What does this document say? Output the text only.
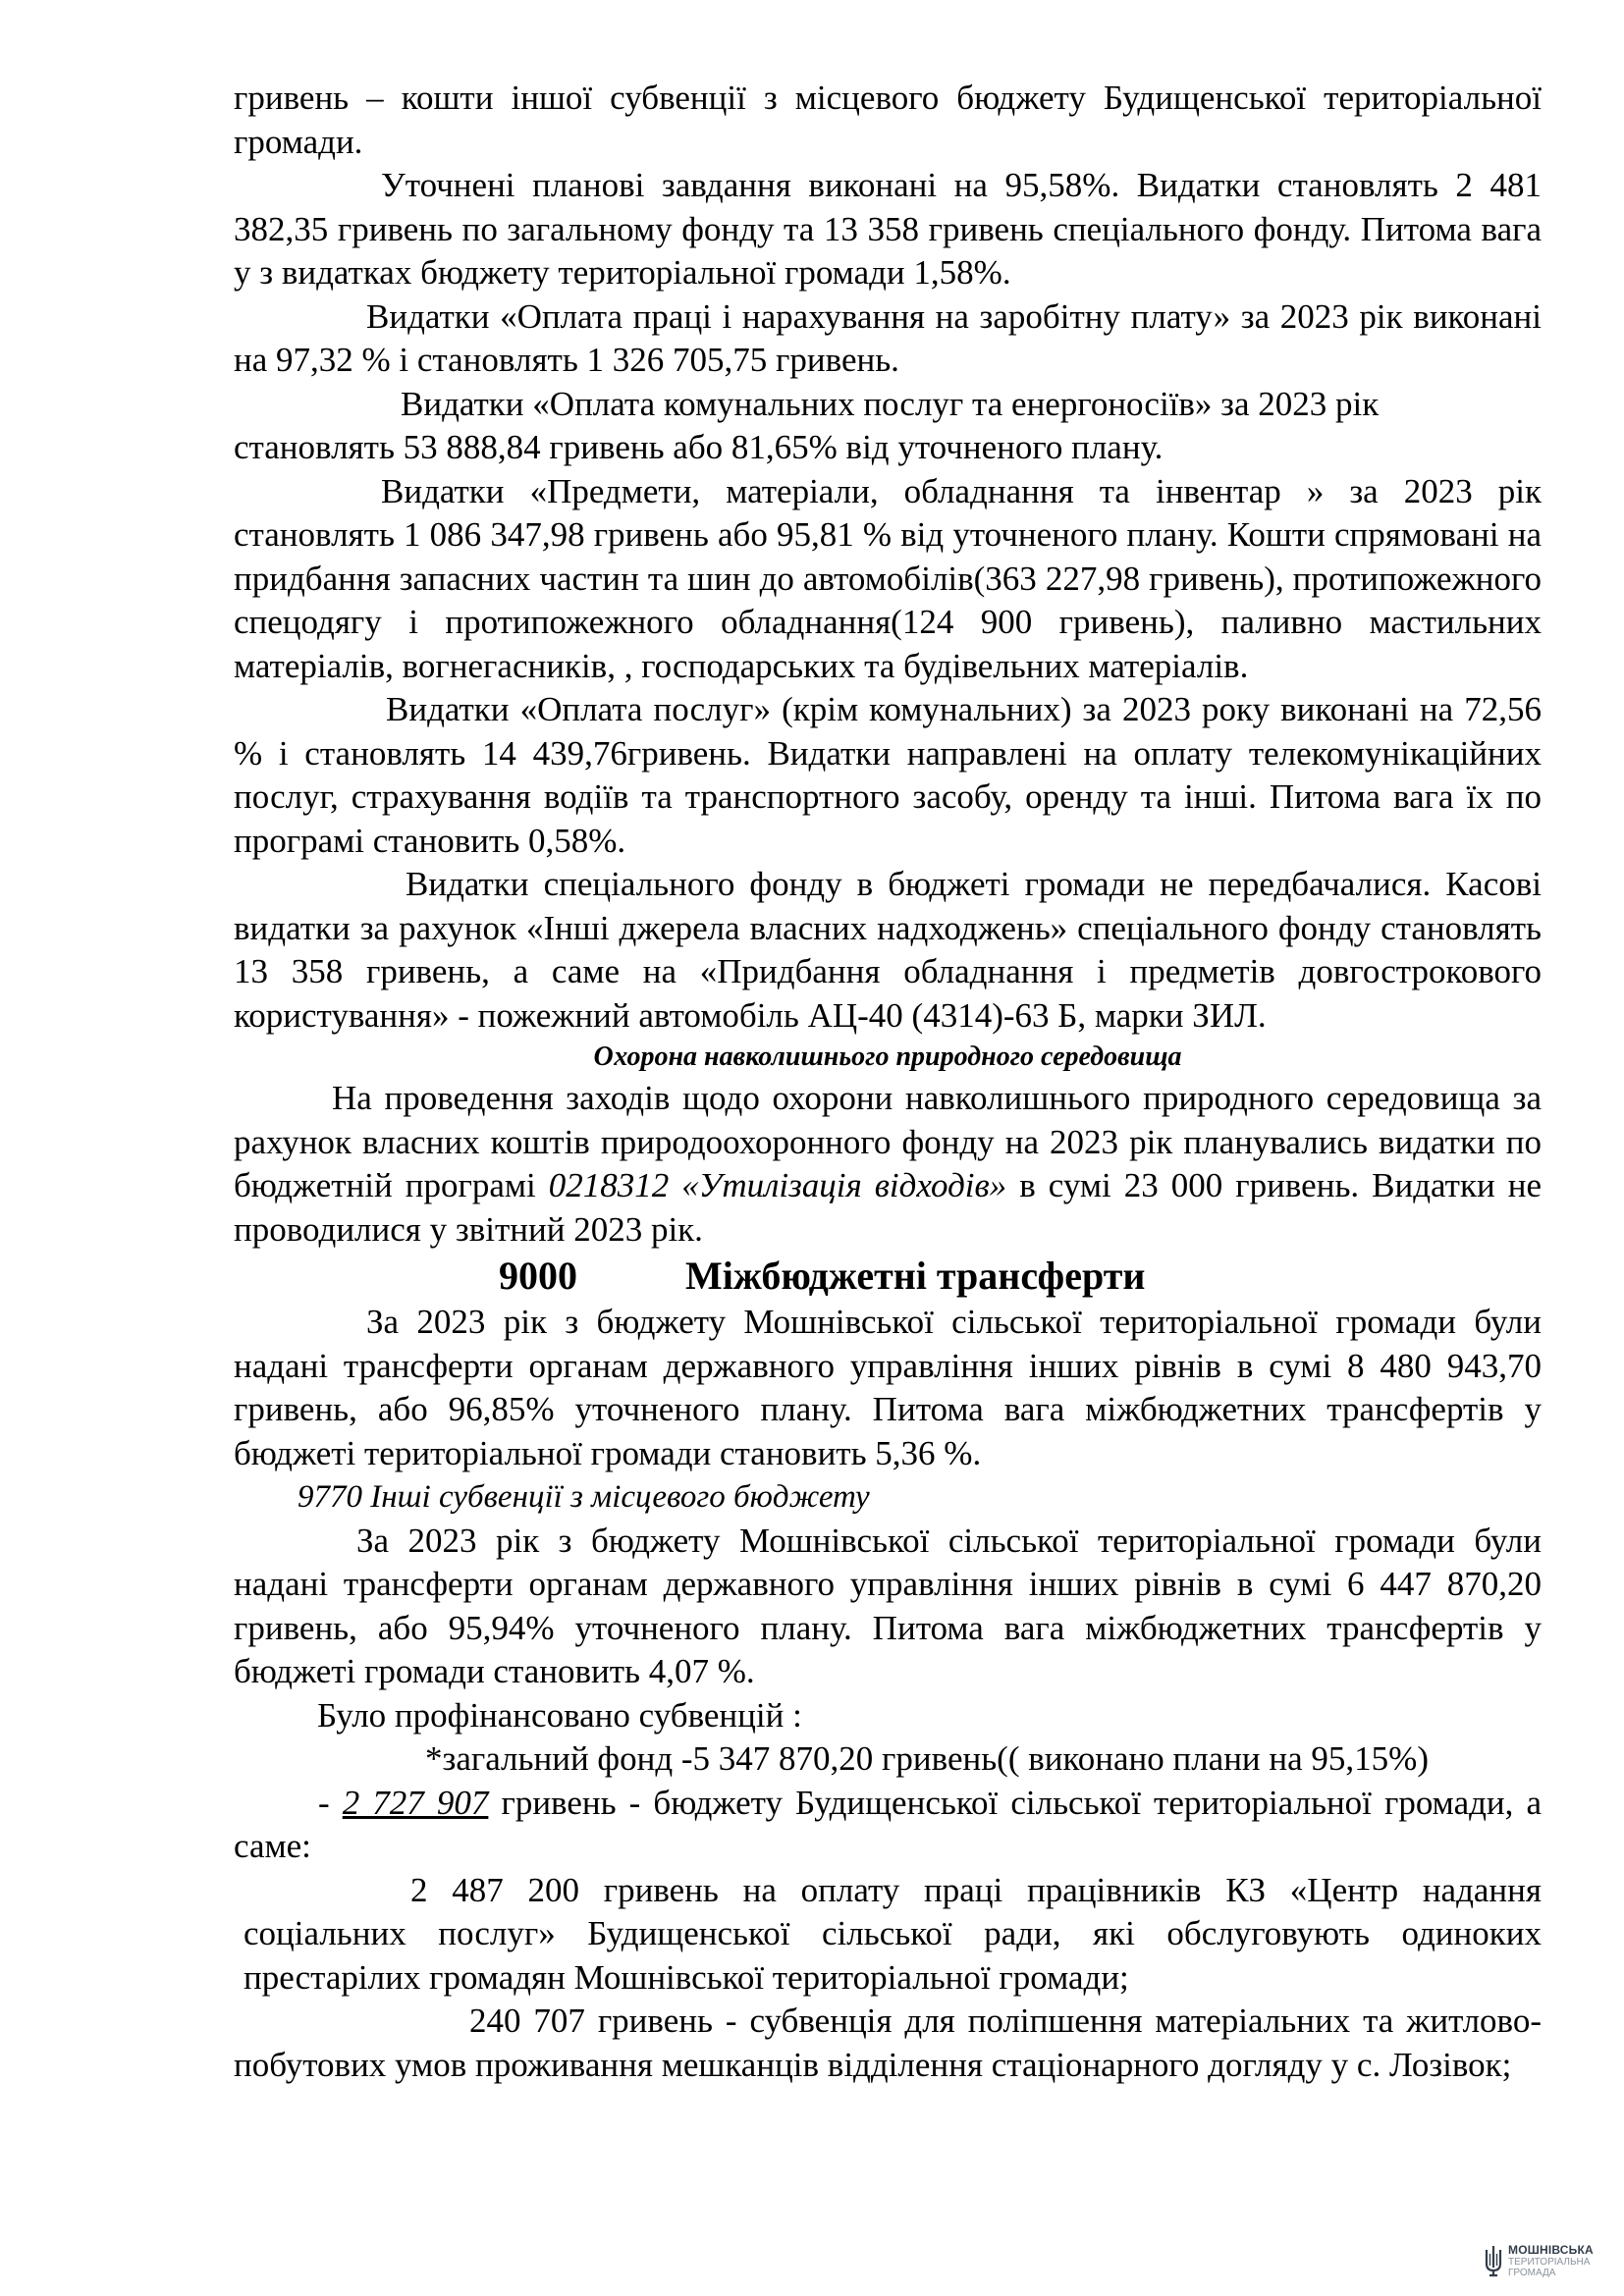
гривень – кошти іншої субвенції з місцевого бюджету Будищенської територіальної громади.

Уточнені планові завдання виконані на 95,58%. Видатки становлять 2 481 382,35 гривень по загальному фонду та 13 358 гривень спеціального фонду. Питома вага у з видатках бюджету територіальної громади 1,58%.

Видатки «Оплата праці і нарахування на заробітну плату» за 2023 рік виконані на 97,32 % і становлять 1 326 705,75 гривень.

Видатки «Оплата комунальних послуг та енергоносіїв» за 2023 рік

становлять 53 888,84 гривень або 81,65% від уточненого плану.

Видатки «Предмети, матеріали, обладнання та інвентар » за 2023 рік становлять 1 086 347,98 гривень або 95,81 % від уточненого плану. Кошти спрямовані на придбання запасних частин та шин до автомобілів(363 227,98 гривень), протипожежного спецодягу і протипожежного обладнання(124 900 гривень), паливно мастильних матеріалів, вогнегасників, , господарських та будівельних матеріалів.

Видатки «Оплата послуг» (крім комунальних) за 2023 року виконані на 72,56 % і становлять 14 439,76гривень. Видатки направлені на оплату телекомунікаційних послуг, страхування водіїв та транспортного засобу, оренду та інші. Питома вага їх по програмі становить 0,58%.

Видатки спеціального фонду в бюджеті громади не передбачалися. Касові видатки за рахунок «Інші джерела власних надходжень» спеціального фонду становлять 13 358 гривень, а саме на «Придбання обладнання і предметів довгострокового користування» - пожежний автомобіль АЦ-40 (4314)-63 Б, марки ЗИЛ.

Охорона навколишнього природного середовища

На проведення заходів щодо охорони навколишнього природного середовища за рахунок власних коштів природоохоронного фонду на 2023 рік планувались видатки по бюджетній програмі 0218312 «Утилізація відходів» в сумі 23 000 гривень. Видатки не проводилися у звітний 2023 рік.

9000	Міжбюджетні трансферти

За 2023 рік з бюджету Мошнівської сільської територіальної громади були надані трансферти органам державного управління інших рівнів в сумі 8 480 943,70 гривень, або 96,85% уточненого плану. Питома вага міжбюджетних трансфертів у бюджеті територіальної громади становить 5,36 %.

9770 Інші субвенції з місцевого бюджету

За 2023 рік з бюджету Мошнівської сільської територіальної громади були надані трансферти органам державного управління інших рівнів в сумі 6 447 870,20 гривень, або 95,94% уточненого плану. Питома вага міжбюджетних трансфертів у бюджеті громади становить 4,07 %.

Було профінансовано субвенцій :

*загальний фонд -5 347 870,20 гривень(( виконано плани на 95,15%)

- 2 727 907 гривень - бюджету Будищенської сільської територіальної громади, а саме:

2 487 200 гривень на оплату праці працівників КЗ «Центр надання соціальних послуг» Будищенської сільської ради, які обслуговують одиноких престарілих громадян Мошнівської територіальної громади;

240 707 гривень - субвенція для поліпшення матеріальних та житлово-побутових умов проживання мешканців відділення стаціонарного догляду у с. Лозівок;

МОШНІВСЬКА
ТЕРИТОРІАЛЬНА
ГРОМАДА
